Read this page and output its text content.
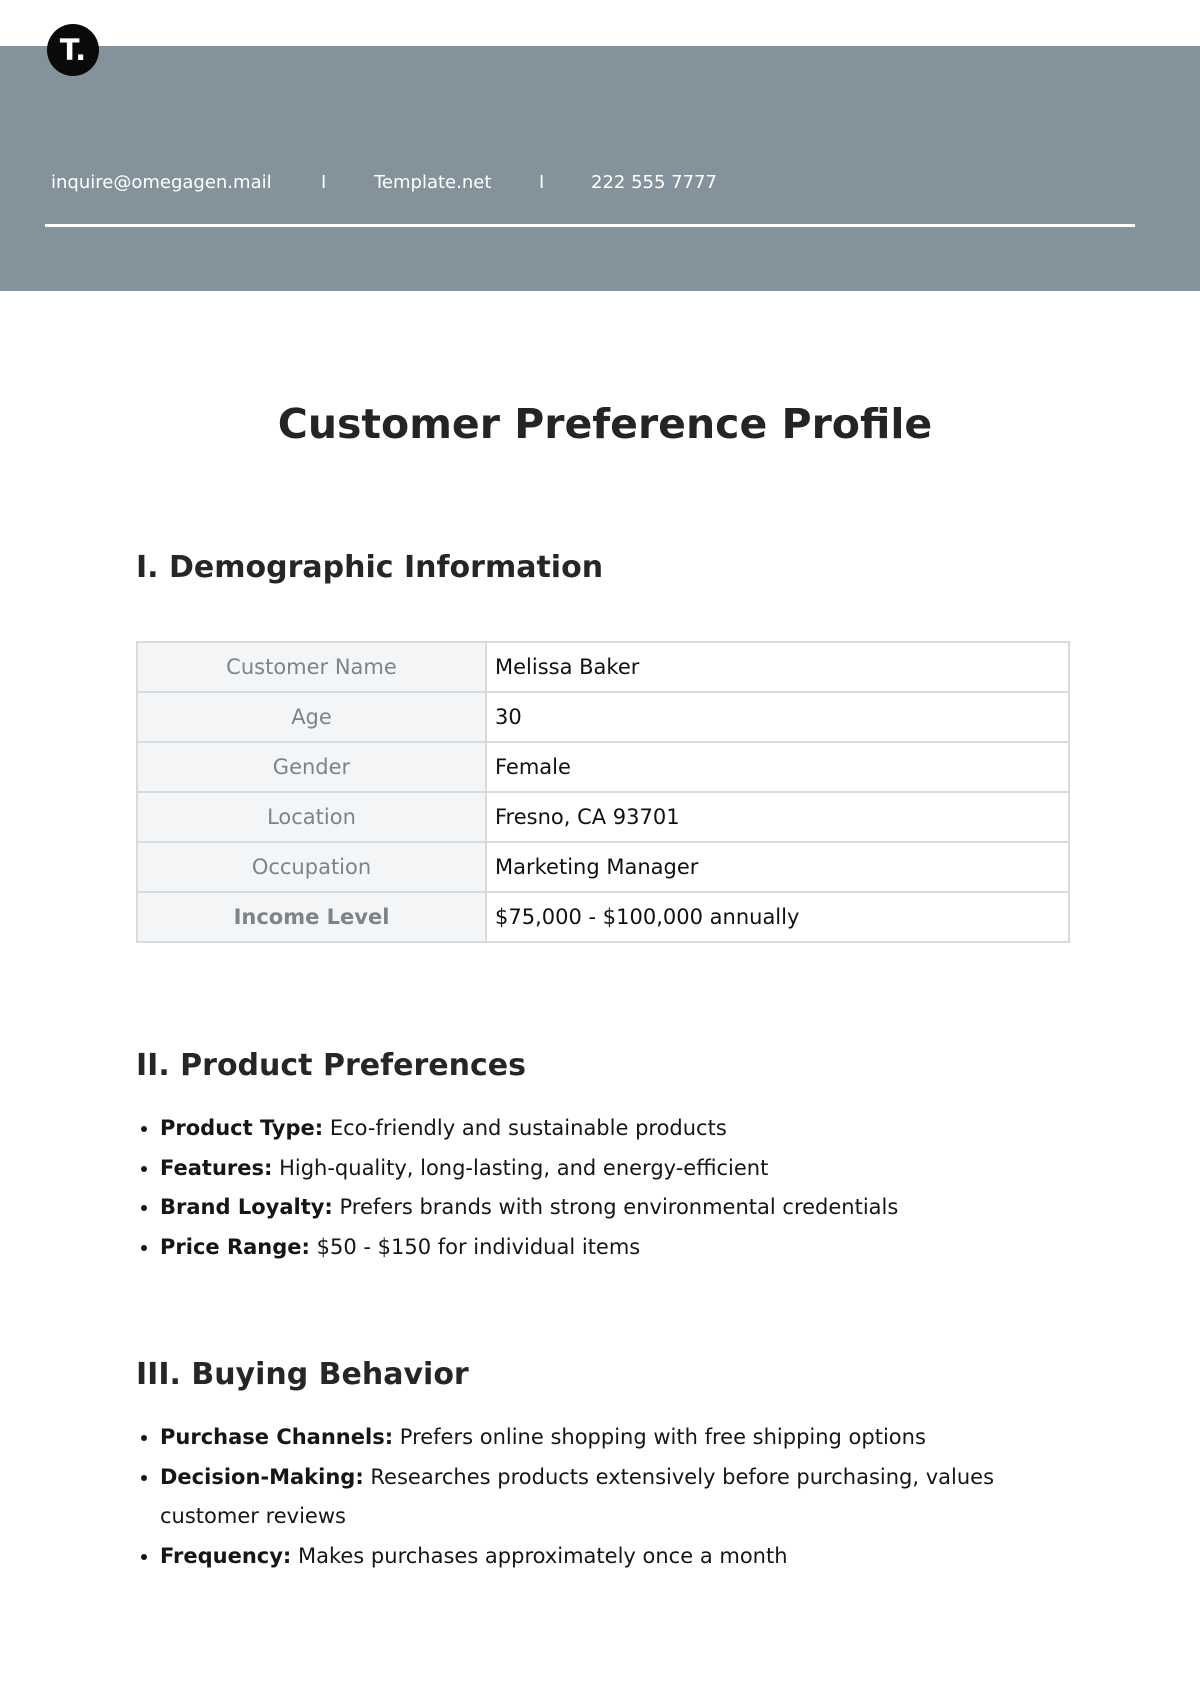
T.
inquire@omegagen.mail	I	Template.net	I	222 555 7777
Customer Preference Profile
I. Demographic Information
Customer Name	Melissa Baker
Age	30
Gender	Female
Location	Fresno, CA 93701
Occupation	Marketing Manager
Income Level	$75,000 - $100,000 annually
II. Product Preferences
• Product Type: Eco-friendly and sustainable products
• Features: High-quality, long-lasting, and energy-efficient
• Brand Loyalty: Prefers brands with strong environmental credentials
• Price Range: $50 - $150 for individual items
III. Buying Behavior
• Purchase Channels: Prefers online shopping with free shipping options
• Decision-Making: Researches products extensively before purchasing, values customer reviews
• Frequency: Makes purchases approximately once a month
